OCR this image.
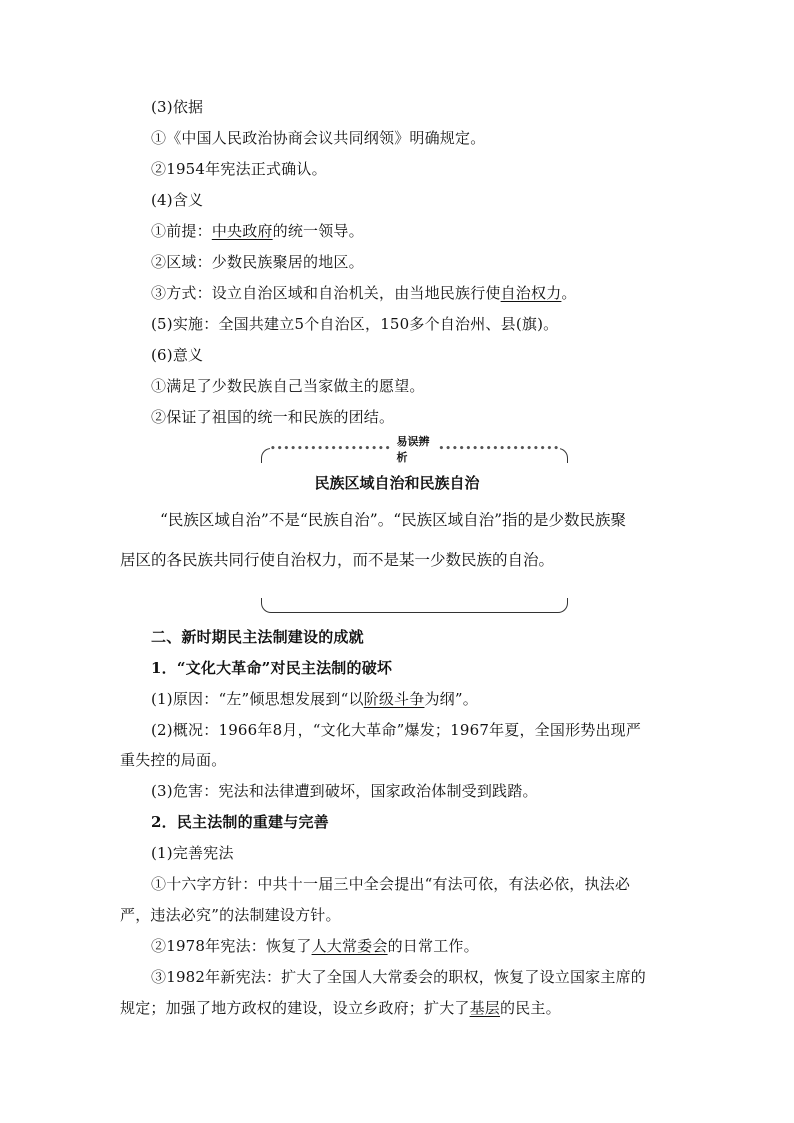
(3)依据
①《中国人民政治协商会议共同纲领》明确规定。
②1954年宪法正式确认。
(4)含义
①前提：中央政府的统一领导。
②区域：少数民族聚居的地区。
③方式：设立自治区域和自治机关，由当地民族行使自治权力。
(5)实施：全国共建立5个自治区，150多个自治州、县(旗)。
(6)意义
①满足了少数民族自己当家做主的愿望。
②保证了祖国的统一和民族的团结。
••••••••••••••••••
易误辨析
••••••••••••••••••
民族区域自治和民族自治
“民族区域自治”不是“民族自治”。“民族区域自治”指的是少数民族聚
居区的各民族共同行使自治权力，而不是某一少数民族的自治。
二、新时期民主法制建设的成就
1．“文化大革命”对民主法制的破坏
(1)原因：“左”倾思想发展到“以阶级斗争为纲”。
(2)概况：1966年8月，“文化大革命”爆发；1967年夏，全国形势出现严
重失控的局面。
(3)危害：宪法和法律遭到破坏，国家政治体制受到践踏。
2．民主法制的重建与完善
(1)完善宪法
①十六字方针：中共十一届三中全会提出“有法可依，有法必依，执法必
严，违法必究”的法制建设方针。
②1978年宪法：恢复了人大常委会的日常工作。
③1982年新宪法：扩大了全国人大常委会的职权，恢复了设立国家主席的
规定；加强了地方政权的建设，设立乡政府；扩大了基层的民主。
